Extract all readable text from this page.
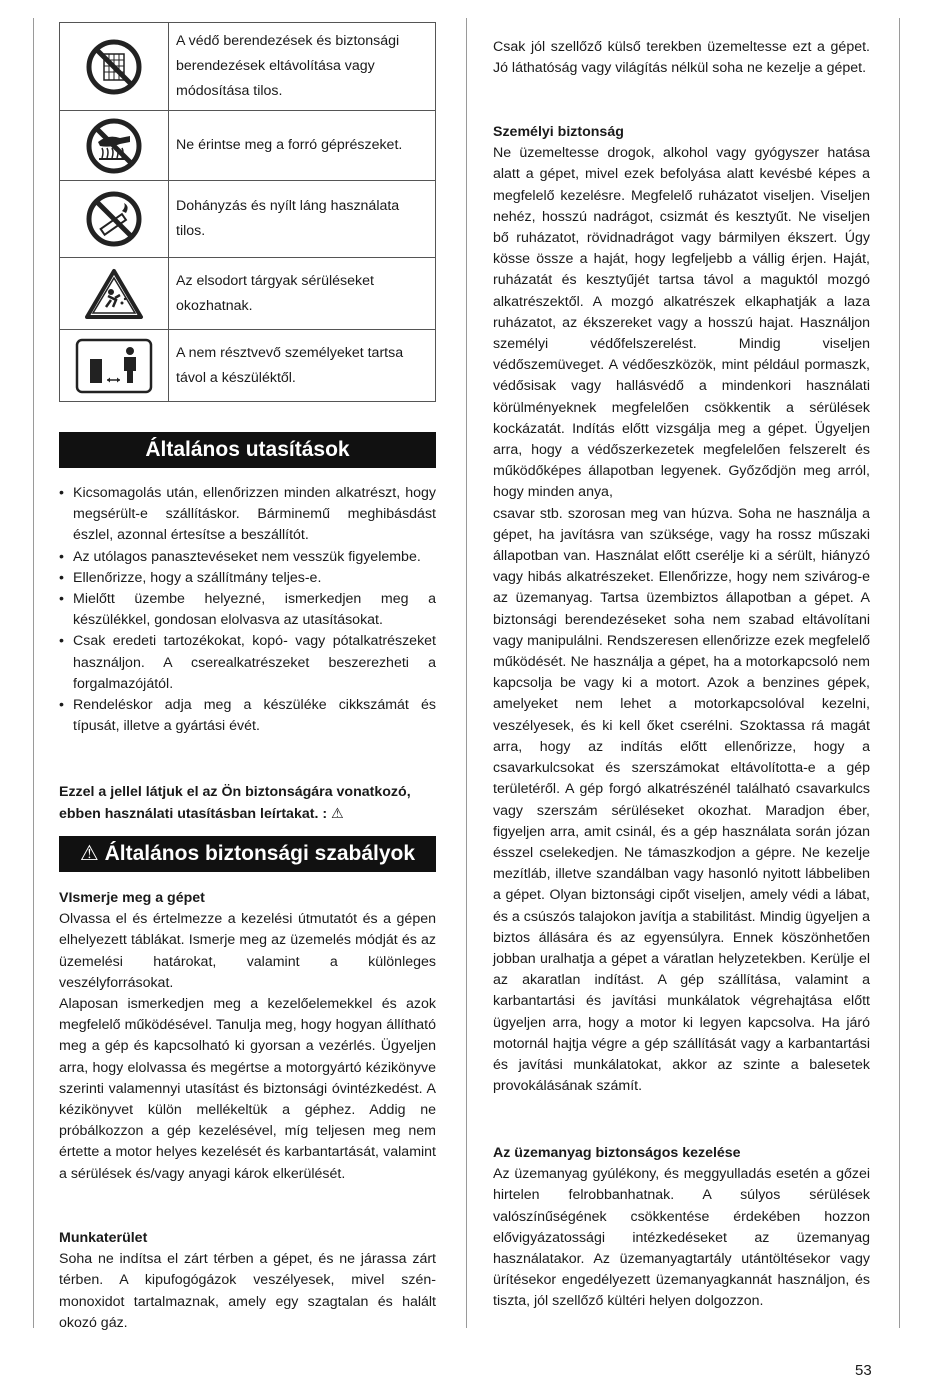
	A védő berendezések és biztonsági berendezések eltávolítása vagy módosítása tilos.

	Ne érintse meg a forró géprészeket.

	Dohányzás és nyílt láng használata tilos.

	Az elsodort tárgyak sérüléseket okozhatnak.

	A nem résztvevő személyeket tartsa távol a készüléktől.
Általános utasítások
• Kicsomagolás után, ellenőrizzen minden alkatrészt, hogy megsérült-e szállításkor. Bárminemű meghibásdást észlel, azonnal értesítse a beszállítót.
• Az utólagos panasztevéseket nem vesszük figyelembe.
• Ellenőrizze, hogy a szállítmány teljes-e.
• Mielőtt üzembe helyezné, ismerkedjen meg a készülékkel, gondosan elolvasva az utasításokat.
• Csak eredeti tartozékokat, kopó- vagy pótalkatrészeket használjon. A cserealkatrészeket beszerezheti a forgalmazójától.
• Rendeléskor adja meg a készüléke cikkszámát és típusát, illetve a gyártási évét.
Ezzel a jellel látjuk el az Ön biztonságára vonatkozó, ebben használati utasításban leírtakat. : ⚠
⚠ Általános biztonsági szabályok
VIsmerje meg a gépet

Olvassa el és értelmezze a kezelési útmutatót és a gépen elhelyezett táblákat. Ismerje meg az üzemelés módját és az üzemelési határokat, valamint a különleges veszélyforrásokat.

Alaposan ismerkedjen meg a kezelőelemekkel és azok megfelelő működésével. Tanulja meg, hogy hogyan állítható meg a gép és kapcsolható ki gyorsan a vezérlés. Ügyeljen arra, hogy elolvassa és megértse a motorgyártó kézikönyve szerinti valamennyi utasítást és biztonsági óvintézkedést. A kézikönyvet külön mellékeltük a géphez. Addig ne próbálkozzon a gép kezelésével, míg teljesen meg nem értette a motor helyes kezelését és karbantartását, valamint a sérülések és/vagy anyagi károk elkerülését.

Munkaterület

Soha ne indítsa el zárt térben a gépet, és ne járassa zárt térben. A kipufogógázok veszélyesek, mivel szén-monoxidot tartalmaznak, amely egy szagtalan és halált okozó gáz.

Csak jól szellőző külső terekben üzemeltesse ezt a gépet. Jó láthatóság vagy világítás nélkül soha ne kezelje a gépet.

Személyi biztonság

Ne üzemeltesse drogok, alkohol vagy gyógyszer hatása alatt a gépet, mivel ezek befolyása alatt kevésbé képes a megfelelő kezelésre. Megfelelő ruházatot viseljen. Viseljen nehéz, hosszú nadrágot, csizmát és kesztyűt. Ne viseljen bő ruházatot, rövidnadrágot vagy bármilyen ékszert. Úgy kösse össze a haját, hogy legfeljebb a vállig érjen. Haját, ruházatát és kesztyűjét tartsa távol a maguktól mozgó alkatrészektől. A mozgó alkatrészek elkaphatják a laza ruházatot, az ékszereket vagy a hosszú hajat. Használjon személyi védőfelszerelést. Mindig viseljen védőszemüveget. A védőeszközök, mint például pormaszk, védősisak vagy hallásvédő a mindenkori használati körülményeknek megfelelően csökkentik a sérülések kockázatát. Indítás előtt vizsgálja meg a gépet. Ügyeljen arra, hogy a védőszerkezetek megfelelően felszerelt és működőképes állapotban legyenek. Győződjön meg arról, hogy minden anya,

csavar stb. szorosan meg van húzva. Soha ne használja a gépet, ha javításra van szüksége, vagy ha rossz műszaki állapotban van. Használat előtt cserélje ki a sérült, hiányzó vagy hibás alkatrészeket. Ellenőrizze, hogy nem szivárog-e az üzemanyag. Tartsa üzembiztos állapotban a gépet. A biztonsági berendezéseket soha nem szabad eltávolítani vagy manipulálni. Rendszeresen ellenőrizze ezek megfelelő működését. Ne használja a gépet, ha a motorkapcsoló nem kapcsolja be vagy ki a motort. Azok a benzines gépek, amelyeket nem lehet a motorkapcsolóval kezelni, veszélyesek, és ki kell őket cserélni. Szoktassa rá magát arra, hogy az indítás előtt ellenőrizze, hogy a csavarkulcsokat és szerszámokat eltávolította-e a gép területéről. A gép forgó alkatrészénél található csavarkulcs vagy szerszám sérüléseket okozhat. Maradjon éber, figyeljen arra, amit csinál, és a gép használata során józan ésszel cselekedjen. Ne támaszkodjon a gépre. Ne kezelje mezítláb, illetve szandálban vagy hasonló nyitott lábbeliben a gépet. Olyan biztonsági cipőt viseljen, amely védi a lábat, és a csúszós talajokon javítja a stabilitást. Mindig ügyeljen a biztos állására és az egyensúlyra. Ennek köszönhetően jobban uralhatja a gépet a váratlan helyzetekben. Kerülje el az akaratlan indítást. A gép szállítása, valamint a karbantartási és javítási munkálatok végrehajtása előtt ügyeljen arra, hogy a motor ki legyen kapcsolva. Ha járó motornál hajtja végre a gép szállítását vagy a karbantartási és javítási munkálatokat, akkor az szinte a balesetek provokálásának számít.

Az üzemanyag biztonságos kezelése

Az üzemanyag gyúlékony, és meggyulladás esetén a gőzei hirtelen felrobbanhatnak. A súlyos sérülések valószínűségének csökkentése érdekében hozzon elővigyázatossági intézkedéseket az üzemanyag használatakor. Az üzemanyagtartály utántöltésekor vagy ürítésekor engedélyezett üzemanyagkannát használjon, és tiszta, jól szellőző kültéri helyen dolgozzon.

53
